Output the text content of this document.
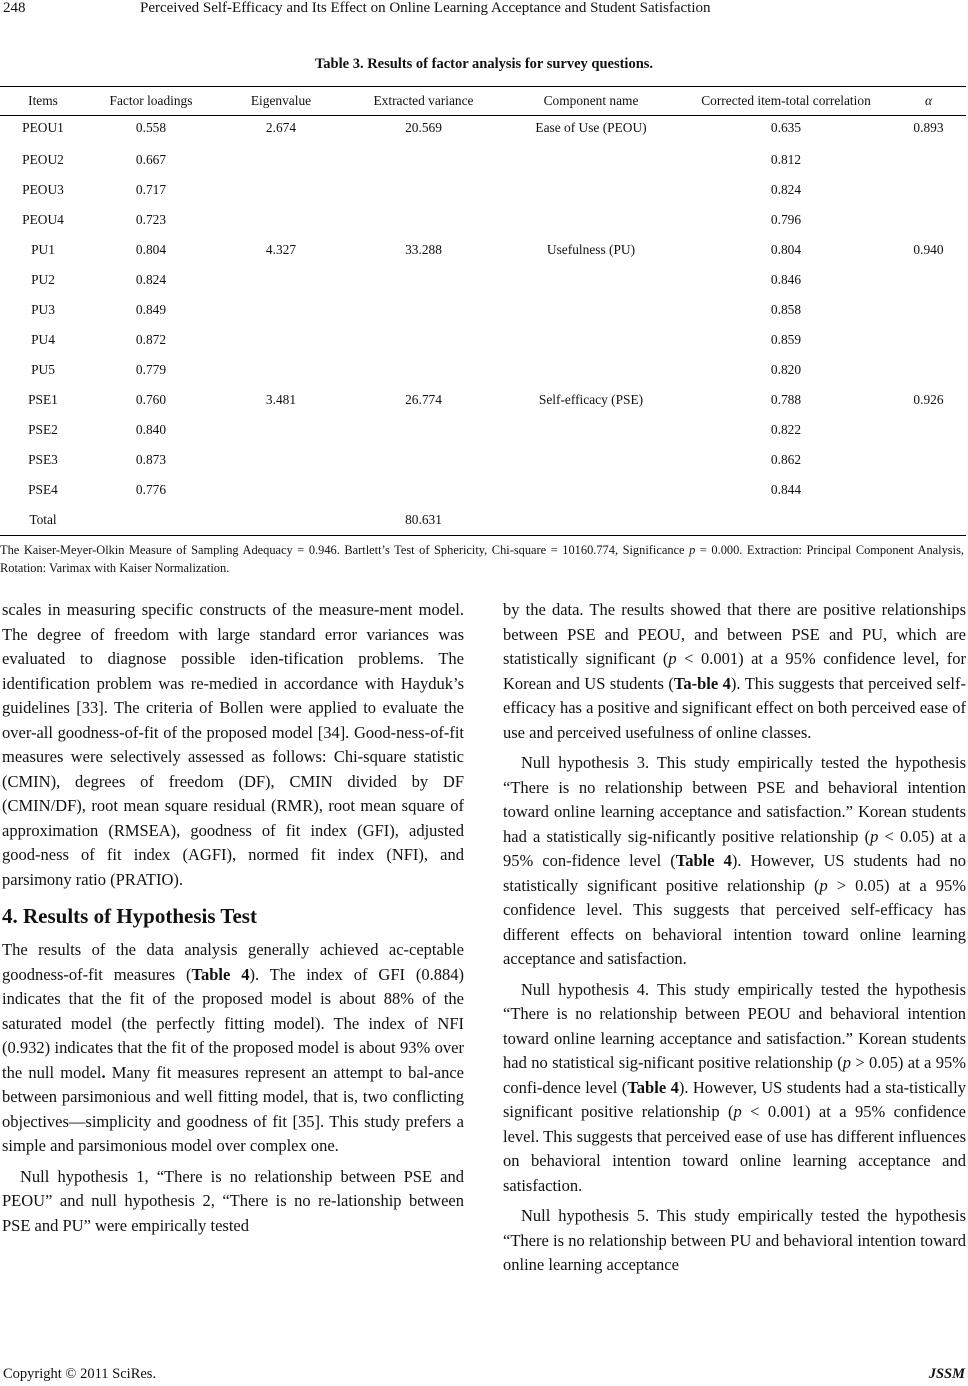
248	Perceived Self-Efficacy and Its Effect on Online Learning Acceptance and Student Satisfaction
Table 3. Results of factor analysis for survey questions.
Items	Factor loadings	Eigenvalue	Extracted variance	Component name	Corrected item-total correlation	α
PEOU1	0.558	2.674	20.569	Ease of Use (PEOU)	0.635	0.893
PEOU2	0.667				0.812	
PEOU3	0.717				0.824	
PEOU4	0.723				0.796	
PU1	0.804	4.327	33.288	Usefulness (PU)	0.804	0.940
PU2	0.824				0.846	
PU3	0.849				0.858	
PU4	0.872				0.859	
PU5	0.779				0.820	
PSE1	0.760	3.481	26.774	Self-efficacy (PSE)	0.788	0.926
PSE2	0.840				0.822	
PSE3	0.873				0.862	
PSE4	0.776				0.844	
Total			80.631			
The Kaiser-Meyer-Olkin Measure of Sampling Adequacy = 0.946. Bartlett’s Test of Sphericity, Chi-square = 10160.774, Significance p = 0.000. Extraction: Principal Component Analysis, Rotation: Varimax with Kaiser Normalization.

scales in measuring specific constructs of the measure-ment model. The degree of freedom with large standard error variances was evaluated to diagnose possible iden-tification problems. The identification problem was re-medied in accordance with Hayduk’s guidelines [33]. The criteria of Bollen were applied to evaluate the over-all goodness-of-fit of the proposed model [34]. Good-ness-of-fit measures were selectively assessed as follows: Chi-square statistic (CMIN), degrees of freedom (DF), CMIN divided by DF (CMIN/DF), root mean square residual (RMR), root mean square of approximation (RMSEA), goodness of fit index (GFI), adjusted good-ness of fit index (AGFI), normed fit index (NFI), and parsimony ratio (PRATIO).

4. Results of Hypothesis Test

The results of the data analysis generally achieved ac-ceptable goodness-of-fit measures (Table 4). The index of GFI (0.884) indicates that the fit of the proposed model is about 88% of the saturated model (the perfectly fitting model). The index of NFI (0.932) indicates that the fit of the proposed model is about 93% over the null model. Many fit measures represent an attempt to bal-ance between parsimonious and well fitting model, that is, two conflicting objectives―simplicity and goodness of fit [35]. This study prefers a simple and parsimonious model over complex one.

Null hypothesis 1, “There is no relationship between PSE and PEOU” and null hypothesis 2, “There is no re-lationship between PSE and PU” were empirically tested

by the data. The results showed that there are positive relationships between PSE and PEOU, and between PSE and PU, which are statistically significant (p < 0.001) at a 95% confidence level, for Korean and US students (Ta-ble 4). This suggests that perceived self-efficacy has a positive and significant effect on both perceived ease of use and perceived usefulness of online classes.

Null hypothesis 3. This study empirically tested the hypothesis “There is no relationship between PSE and behavioral intention toward online learning acceptance and satisfaction.” Korean students had a statistically sig-nificantly positive relationship (p < 0.05) at a 95% con-fidence level (Table 4). However, US students had no statistically significant positive relationship (p > 0.05) at a 95% confidence level. This suggests that perceived self-efficacy has different effects on behavioral intention toward online learning acceptance and satisfaction.

Null hypothesis 4. This study empirically tested the hypothesis “There is no relationship between PEOU and behavioral intention toward online learning acceptance and satisfaction.” Korean students had no statistical sig-nificant positive relationship (p > 0.05) at a 95% confi-dence level (Table 4). However, US students had a sta-tistically significant positive relationship (p < 0.001) at a 95% confidence level. This suggests that perceived ease of use has different influences on behavioral intention toward online learning acceptance and satisfaction.

Null hypothesis 5. This study empirically tested the hypothesis “There is no relationship between PU and behavioral intention toward online learning acceptance

Copyright © 2011 SciRes.	JSSM
